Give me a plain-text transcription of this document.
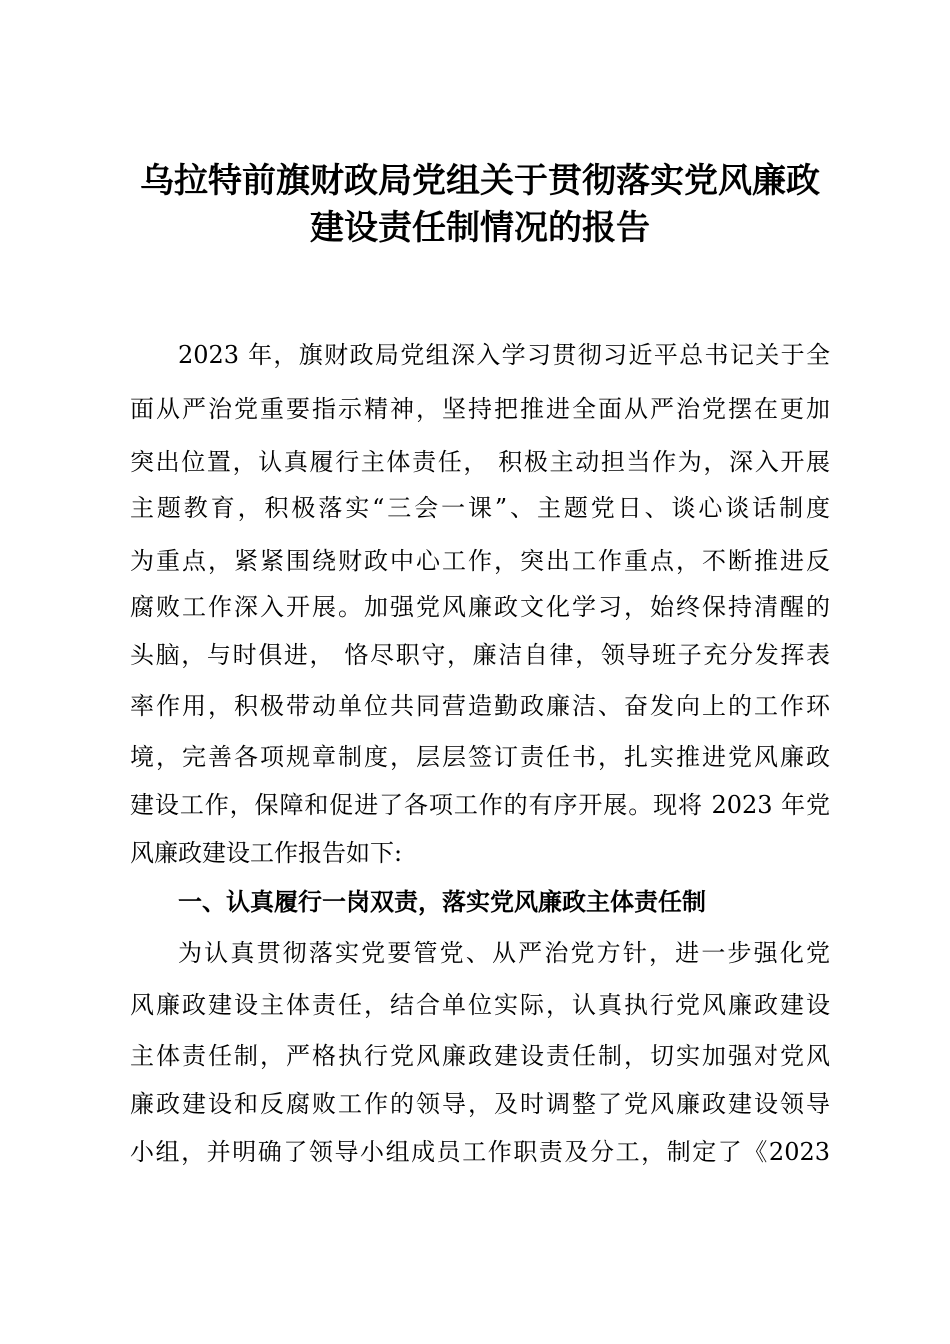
乌拉特前旗财政局党组关于贯彻落实党风廉政
建设责任制情况的报告
2023 年，旗财政局党组深入学习贯彻习近平总书记关于全
面从严治党重要指示精神，坚持把推进全面从严治党摆在更加
突出位置，认真履行主体责任， 积极主动担当作为，深入开展
主题教育，积极落实“三会一课”、主题党日、谈心谈话制度
为重点，紧紧围绕财政中心工作，突出工作重点，不断推进反
腐败工作深入开展。加强党风廉政文化学习，始终保持清醒的
头脑，与时俱进， 恪尽职守，廉洁自律，领导班子充分发挥表
率作用，积极带动单位共同营造勤政廉洁、奋发向上的工作环
境，完善各项规章制度，层层签订责任书，扎实推进党风廉政
建设工作，保障和促进了各项工作的有序开展。现将 2023 年党
风廉政建设工作报告如下:
一、认真履行一岗双责，落实党风廉政主体责任制
为认真贯彻落实党要管党、从严治党方针，进一步强化党
风廉政建设主体责任，结合单位实际，认真执行党风廉政建设
主体责任制，严格执行党风廉政建设责任制，切实加强对党风
廉政建设和反腐败工作的领导，及时调整了党风廉政建设领导
小组，并明确了领导小组成员工作职责及分工，制定了《2023
